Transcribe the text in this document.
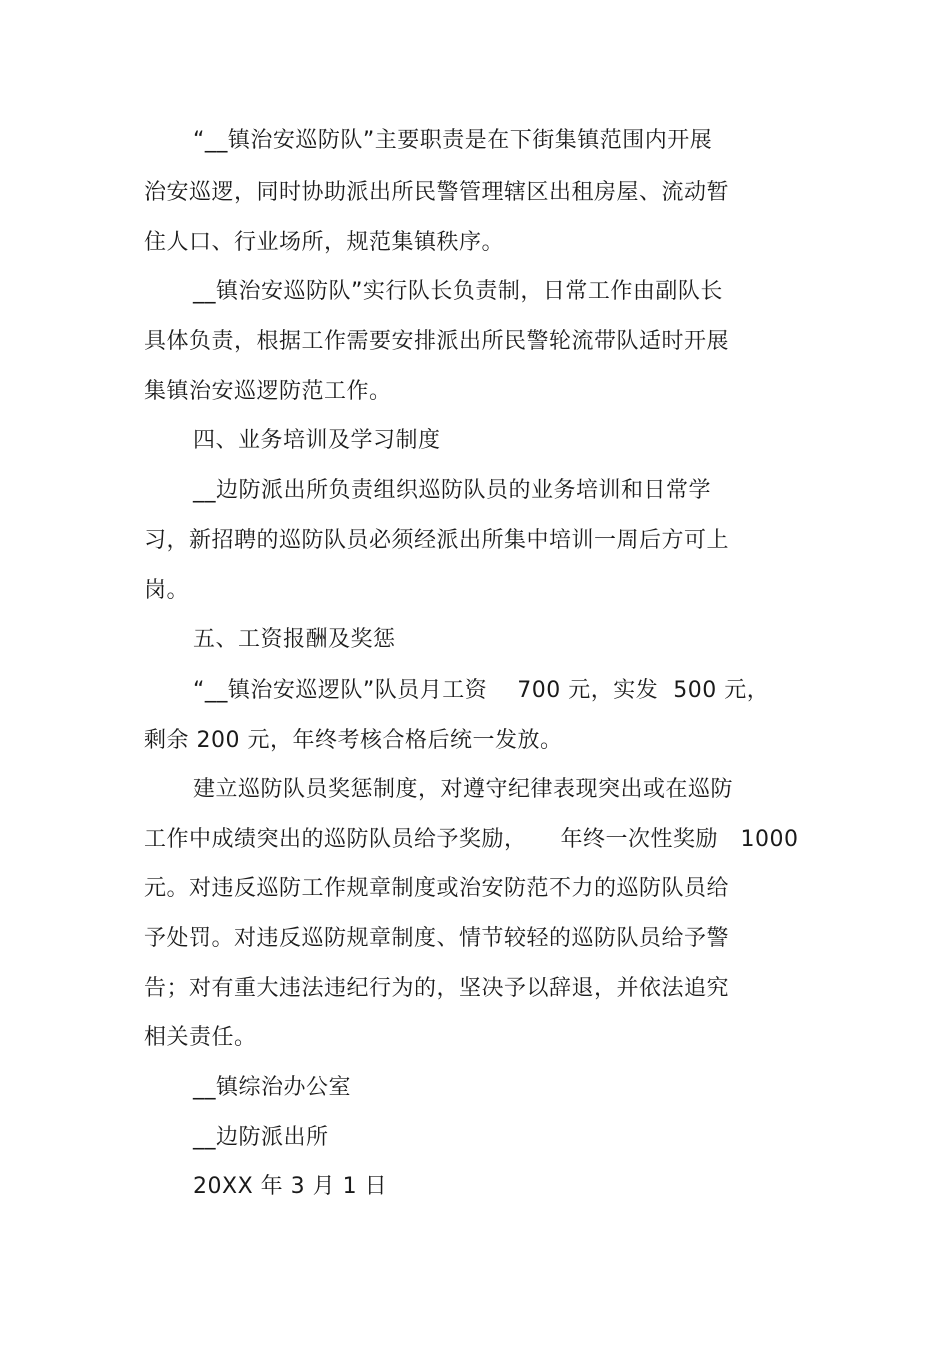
“__镇治安巡防队”主要职责是在下街集镇范围内开展
治安巡逻，同时协助派出所民警管理辖区出租房屋、流动暂
住人口、行业场所，规范集镇秩序。
__镇治安巡防队”实行队长负责制，日常工作由副队长
具体负责，根据工作需要安排派出所民警轮流带队适时开展
集镇治安巡逻防范工作。
四、业务培训及学习制度
__边防派出所负责组织巡防队员的业务培训和日常学
习，新招聘的巡防队员必须经派出所集中培训一周后方可上
岗。
五、工资报酬及奖惩
“__镇治安巡逻队”队员月工资　 700 元，实发  500 元，
剩余 200 元，年终考核合格后统一发放。
建立巡防队员奖惩制度，对遵守纪律表现突出或在巡防
工作中成绩突出的巡防队员给予奖励，　　年终一次性奖励　1000
元。对违反巡防工作规章制度或治安防范不力的巡防队员给
予处罚。对违反巡防规章制度、情节较轻的巡防队员给予警
告；对有重大违法违纪行为的，坚决予以辞退，并依法追究
相关责任。
__镇综治办公室
__边防派出所
20XX 年 3 月 1 日
